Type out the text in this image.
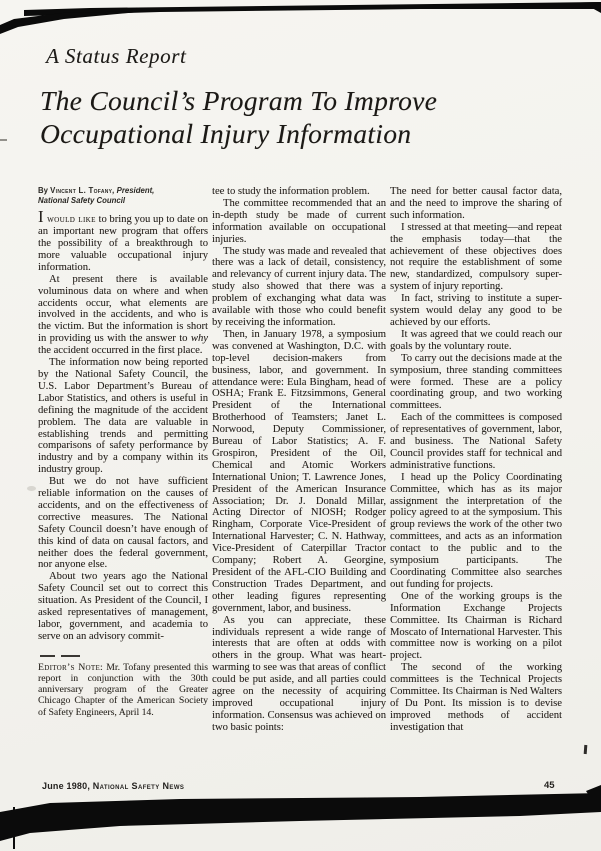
A Status Report
The Council’s Program To Improve
Occupational Injury Information

By Vincent L. Tofany, President,
National Safety Council

I would like to bring you up to date on an important new program that offers the possibility of a breakthrough to more valuable occupational injury information.

At present there is available voluminous data on where and when accidents occur, what elements are involved in the accidents, and who is the victim. But the information is short in providing us with the answer to why the accident occurred in the first place.

The information now being reported by the National Safety Council, the U.S. Labor Department’s Bureau of Labor Statistics, and others is useful in defining the magnitude of the accident problem. The data are valuable in establishing trends and permitting comparisons of safety performance by industry and by a company within its industry group.

But we do not have sufficient reliable information on the causes of accidents, and on the effectiveness of corrective measures. The National Safety Council doesn’t have enough of this kind of data on causal factors, and neither does the federal government, nor anyone else.

About two years ago the National Safety Council set out to correct this situation. As President of the Council, I asked representatives of management, labor, government, and academia to serve on an advisory commit-

Editor’s Note: Mr. Tofany presented this report in conjunction with the 30th anniversary program of the Greater Chicago Chapter of the American Society of Safety Engineers, April 14.

tee to study the information problem.

The committee recommended that an in-depth study be made of current information available on occupational injuries.

The study was made and revealed that there was a lack of detail, consistency, and relevancy of current injury data. The study also showed that there was a problem of exchanging what data was available with those who could benefit by receiving the information.

Then, in January 1978, a symposium was convened at Washington, D.C. with top-level decision-makers from business, labor, and government. In attendance were: Eula Bingham, head of OSHA; Frank E. Fitzsimmons, General President of the International Brotherhood of Teamsters; Janet L. Norwood, Deputy Commissioner, Bureau of Labor Statistics; A. F. Grospiron, President of the Oil, Chemical and Atomic Workers International Union; T. Lawrence Jones, President of the American Insurance Association; Dr. J. Donald Millar, Acting Director of NIOSH; Rodger Ringham, Corporate Vice-President of International Harvester; C. N. Hathway, Vice-President of Caterpillar Tractor Company; Robert A. Georgine, President of the AFL-CIO Building and Construction Trades Department, and other leading figures representing government, labor, and business.

As you can appreciate, these individuals represent a wide range of interests that are often at odds with others in the group. What was heart-warming to see was that areas of conflict could be put aside, and all parties could agree on the necessity of acquiring improved occupational injury information. Consensus was achieved on two basic points:

The need for better causal factor data, and the need to improve the sharing of such information.

I stressed at that meeting—and repeat the emphasis today—that the achievement of these objectives does not require the establishment of some new, standardized, compulsory super-system of injury reporting.

In fact, striving to institute a super-system would delay any good to be achieved by our efforts.

It was agreed that we could reach our goals by the voluntary route.

To carry out the decisions made at the symposium, three standing committees were formed. These are a policy coordinating group, and two working committees.

Each of the committees is composed of representatives of government, labor, and business. The National Safety Council provides staff for technical and administrative functions.

I head up the Policy Coordinating Committee, which has as its major assignment the interpretation of the policy agreed to at the symposium. This group reviews the work of the other two committees, and acts as an information contact to the public and to the symposium participants. The Coordinating Committee also searches out funding for projects.

One of the working groups is the Information Exchange Projects Committee. Its Chairman is Richard Moscato of International Harvester. This committee now is working on a pilot project.

The second of the working committees is the Technical Projects Committee. Its Chairman is Ned Walters of Du Pont. Its mission is to devise improved methods of accident investigation that

June 1980, National Safety News	45
